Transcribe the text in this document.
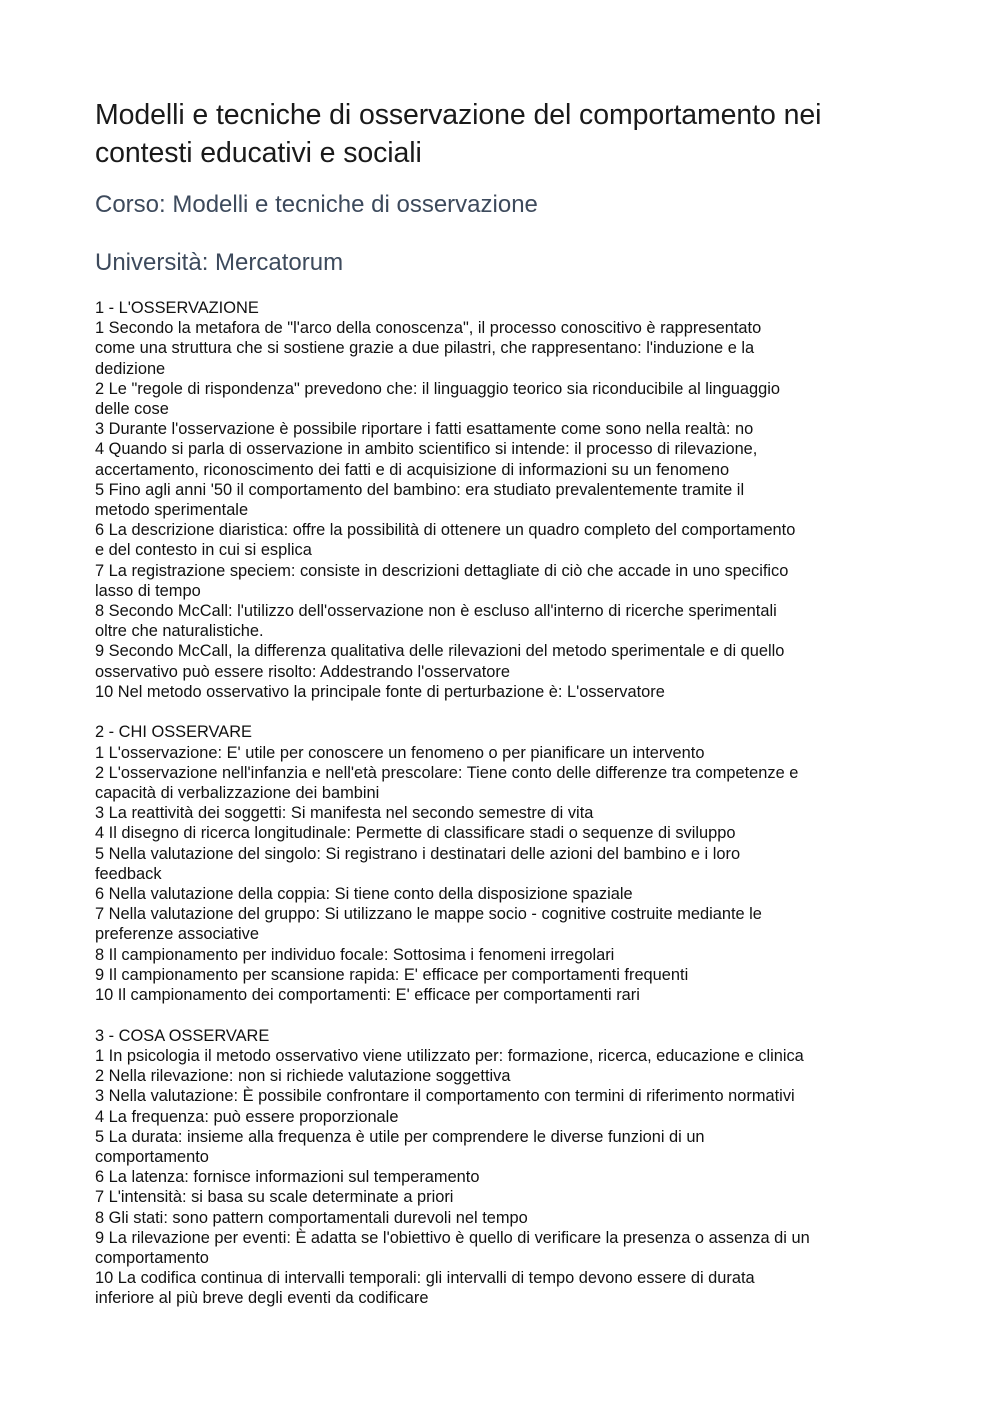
Modelli e tecniche di osservazione del comportamento nei
contesti educativi e sociali
Corso: Modelli e tecniche di osservazione
Università: Mercatorum
1 - L'OSSERVAZIONE
1 Secondo la metafora de "l'arco della conoscenza", il processo conoscitivo è rappresentato
come una struttura che si sostiene grazie a due pilastri, che rappresentano: l'induzione e la
dedizione
2 Le "regole di rispondenza" prevedono che: il linguaggio teorico sia riconducibile al linguaggio
delle cose
3 Durante l'osservazione è possibile riportare i fatti esattamente come sono nella realtà: no
4 Quando si parla di osservazione in ambito scientifico si intende: il processo di rilevazione,
accertamento, riconoscimento dei fatti e di acquisizione di informazioni su un fenomeno
5 Fino agli anni '50 il comportamento del bambino: era studiato prevalentemente tramite il
metodo sperimentale
6 La descrizione diaristica: offre la possibilità di ottenere un quadro completo del comportamento
e del contesto in cui si esplica
7 La registrazione speciem: consiste in descrizioni dettagliate di ciò che accade in uno specifico
lasso di tempo
8 Secondo McCall: l'utilizzo dell'osservazione non è escluso all'interno di ricerche sperimentali
oltre che naturalistiche.
9 Secondo McCall, la differenza qualitativa delle rilevazioni del metodo sperimentale e di quello
osservativo può essere risolto: Addestrando l'osservatore
10 Nel metodo osservativo la principale fonte di perturbazione è: L'osservatore
2 - CHI OSSERVARE
1 L'osservazione: E' utile per conoscere un fenomeno o per pianificare un intervento
2 L'osservazione nell'infanzia e nell'età prescolare: Tiene conto delle differenze tra competenze e
capacità di verbalizzazione dei bambini
3 La reattività dei soggetti: Si manifesta nel secondo semestre di vita
4 Il disegno di ricerca longitudinale: Permette di classificare stadi o sequenze di sviluppo
5 Nella valutazione del singolo: Si registrano i destinatari delle azioni del bambino e i loro
feedback
6 Nella valutazione della coppia: Si tiene conto della disposizione spaziale
7 Nella valutazione del gruppo: Si utilizzano le mappe socio - cognitive costruite mediante le
preferenze associative
8 Il campionamento per individuo focale: Sottosima i fenomeni irregolari
9 Il campionamento per scansione rapida: E' efficace per comportamenti frequenti
10 Il campionamento dei comportamenti: E' efficace per comportamenti rari
3 - COSA OSSERVARE
1 In psicologia il metodo osservativo viene utilizzato per: formazione, ricerca, educazione e clinica
2 Nella rilevazione: non si richiede valutazione soggettiva
3 Nella valutazione: È possibile confrontare il comportamento con termini di riferimento normativi
4 La frequenza: può essere proporzionale
5 La durata: insieme alla frequenza è utile per comprendere le diverse funzioni di un
comportamento
6 La latenza: fornisce informazioni sul temperamento
7 L'intensità: si basa su scale determinate a priori
8 Gli stati: sono pattern comportamentali durevoli nel tempo
9 La rilevazione per eventi: È adatta se l'obiettivo è quello di verificare la presenza o assenza di un
comportamento
10 La codifica continua di intervalli temporali: gli intervalli di tempo devono essere di durata
inferiore al più breve degli eventi da codificare
